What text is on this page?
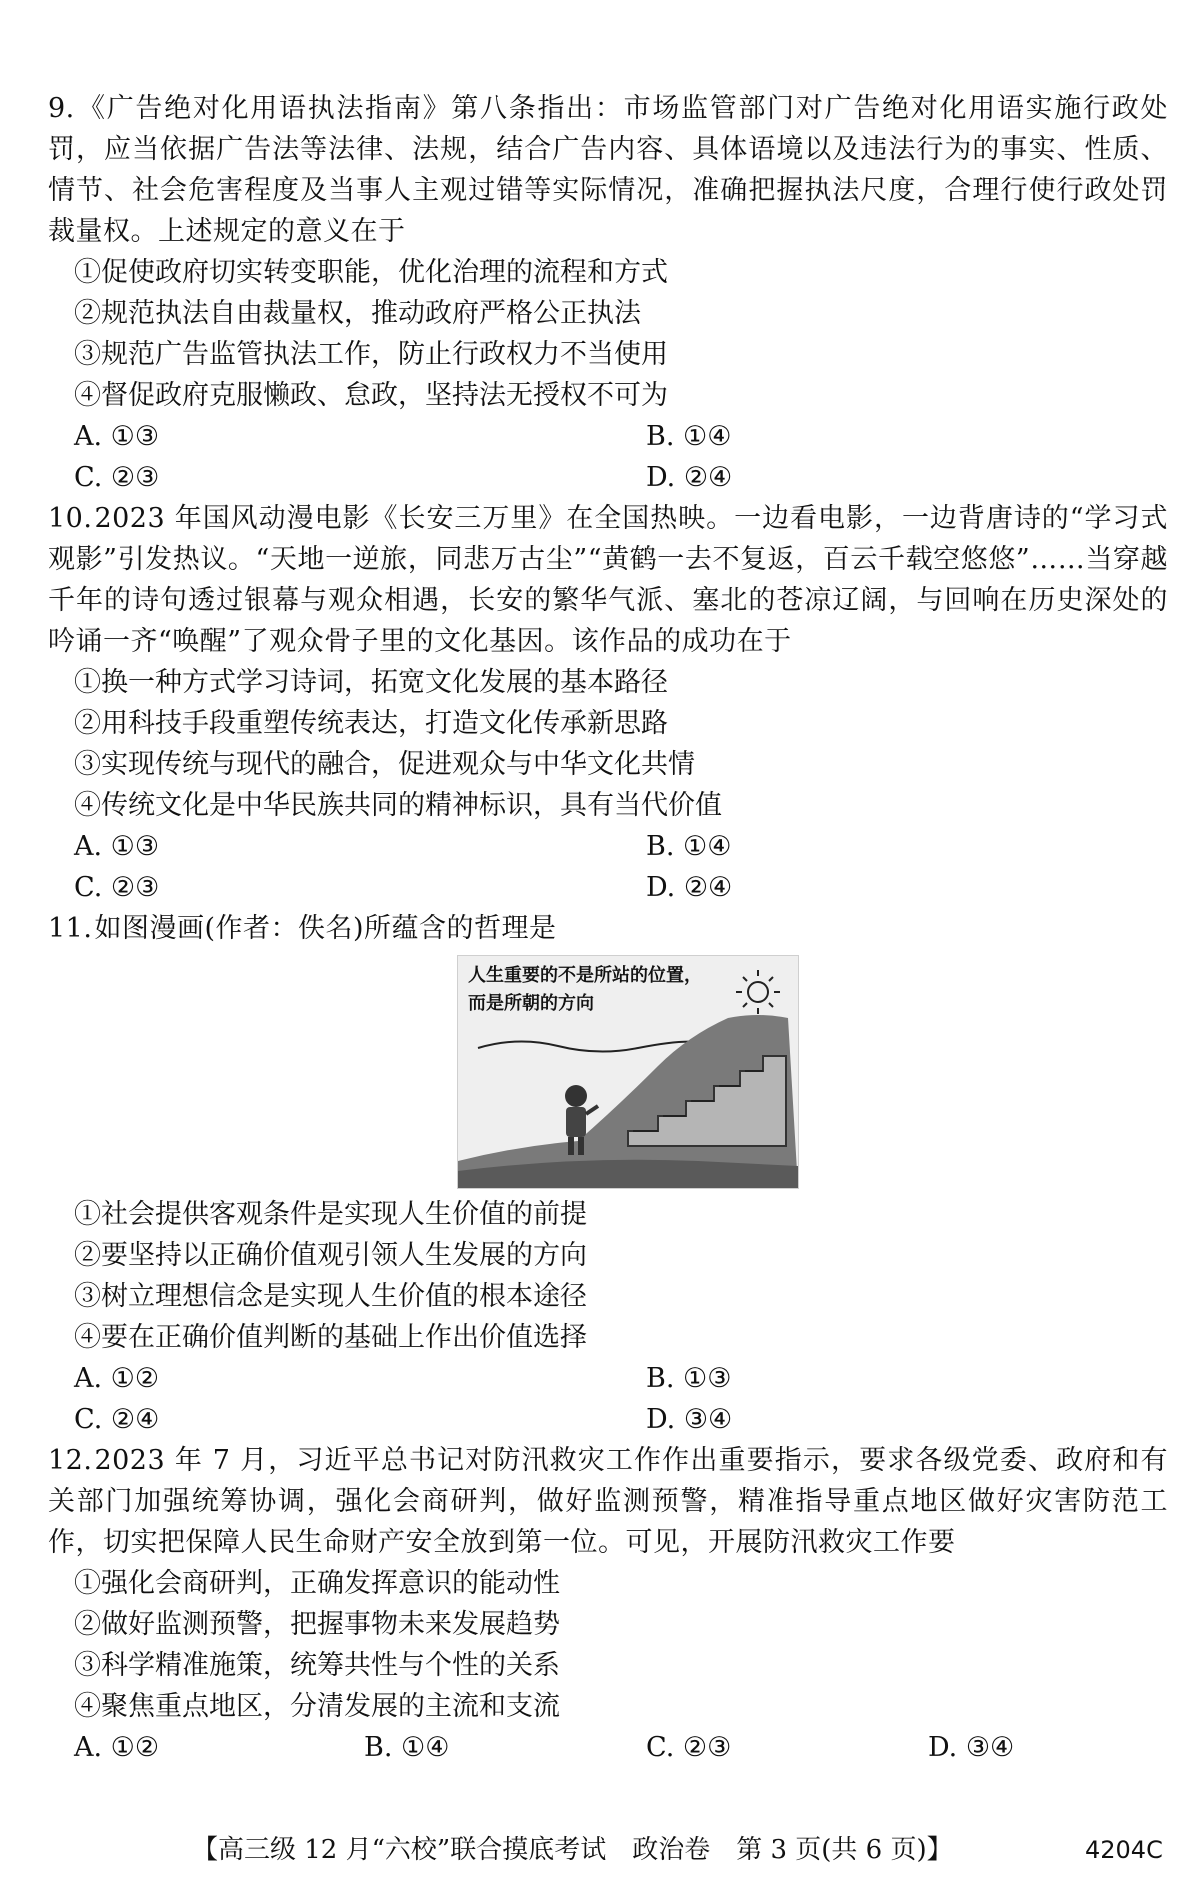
9.《广告绝对化用语执法指南》第八条指出：市场监管部门对广告绝对化用语实施行政处罚，应当依据广告法等法律、法规，结合广告内容、具体语境以及违法行为的事实、性质、情节、社会危害程度及当事人主观过错等实际情况，准确把握执法尺度，合理行使行政处罚裁量权。上述规定的意义在于
①促使政府切实转变职能，优化治理的流程和方式
②规范执法自由裁量权，推动政府严格公正执法
③规范广告监管执法工作，防止行政权力不当使用
④督促政府克服懒政、怠政，坚持法无授权不可为
A. ①③	B. ①④
C. ②③	D. ②④
10.2023 年国风动漫电影《长安三万里》在全国热映。一边看电影，一边背唐诗的“学习式观影”引发热议。“天地一逆旅，同悲万古尘”“黄鹤一去不复返，百云千载空悠悠”……当穿越千年的诗句透过银幕与观众相遇，长安的繁华气派、塞北的苍凉辽阔，与回响在历史深处的吟诵一齐“唤醒”了观众骨子里的文化基因。该作品的成功在于
①换一种方式学习诗词，拓宽文化发展的基本路径
②用科技手段重塑传统表达，打造文化传承新思路
③实现传统与现代的融合，促进观众与中华文化共情
④传统文化是中华民族共同的精神标识，具有当代价值
A. ①③	B. ①④
C. ②③	D. ②④
11.如图漫画(作者：佚名)所蕴含的哲理是
人生重要的不是所站的位置，
而是所朝的方向
①社会提供客观条件是实现人生价值的前提
②要坚持以正确价值观引领人生发展的方向
③树立理想信念是实现人生价值的根本途径
④要在正确价值判断的基础上作出价值选择
A. ①②	B. ①③
C. ②④	D. ③④
12.2023 年 7 月，习近平总书记对防汛救灾工作作出重要指示，要求各级党委、政府和有关部门加强统筹协调，强化会商研判，做好监测预警，精准指导重点地区做好灾害防范工作，切实把保障人民生命财产安全放到第一位。可见，开展防汛救灾工作要
①强化会商研判，正确发挥意识的能动性
②做好监测预警，把握事物未来发展趋势
③科学精准施策，统筹共性与个性的关系
④聚焦重点地区，分清发展的主流和支流
A. ①②	B. ①④	C. ②③	D. ③④
【高三级 12 月“六校”联合摸底考试　政治卷　第 3 页(共 6 页)】	4204C
